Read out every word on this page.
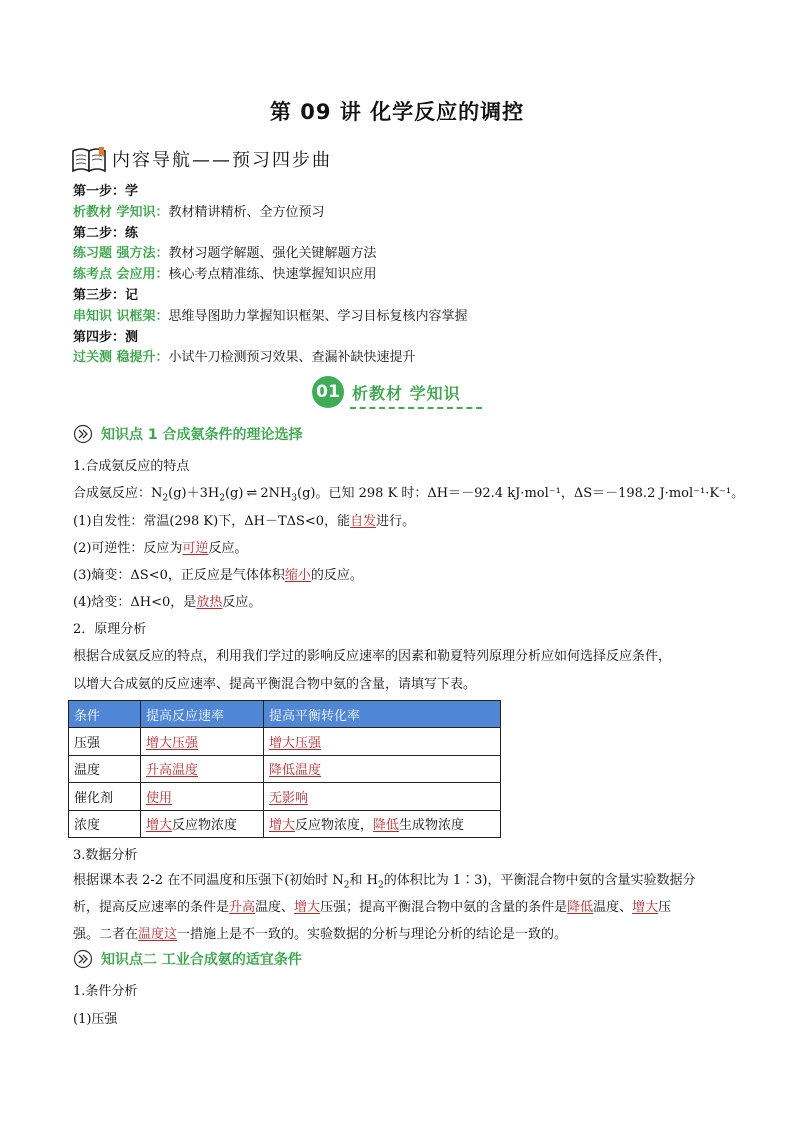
第 09 讲 化学反应的调控
内容导航——预习四步曲
第一步：学
析教材 学知识：教材精讲精析、全方位预习
第二步：练
练习题 强方法：教材习题学解题、强化关键解题方法
练考点 会应用：核心考点精准练、快速掌握知识应用
第三步：记
串知识 识框架：思维导图助力掌握知识框架、学习目标复核内容掌握
第四步：测
过关测 稳提升：小试牛刀检测预习效果、查漏补缺快速提升
01 析教材 学知识
知识点 1 合成氨条件的理论选择
1.合成氨反应的特点
合成氨反应：$N_2(g)+3H_2(g)$ ⇌ $2NH_3(g)$。已知 298 K 时：ΔH＝－92.4 kJ·mol⁻¹，ΔS＝－198.2 J·mol⁻¹·K⁻¹。
(1)自发性：常温(298 K)下，ΔH－TΔS<0，能自发进行。
(2)可逆性：反应为可逆反应。
(3)熵变：ΔS<0，正反应是气体体积缩小的反应。
(4)焓变：ΔH<0，是放热反应。
2．原理分析
根据合成氨反应的特点，利用我们学过的影响反应速率的因素和勒夏特列原理分析应如何选择反应条件，
以增大合成氨的反应速率、提高平衡混合物中氨的含量，请填写下表。
条件	提高反应速率	提高平衡转化率
压强	增大压强	增大压强
温度	升高温度	降低温度
催化剂	使用	无影响
浓度	增大反应物浓度	增大反应物浓度，降低生成物浓度
3.数据分析
根据课本表 2-2 在不同温度和压强下(初始时 $N_2$和 $H_2$的体积比为 1∶3)，平衡混合物中氨的含量实验数据分
析，提高反应速率的条件是升高温度、增大压强；提高平衡混合物中氨的含量的条件是降低温度、增大压
强。二者在温度这一措施上是不一致的。实验数据的分析与理论分析的结论是一致的。
知识点二 工业合成氨的适宜条件
1.条件分析
(1)压强
